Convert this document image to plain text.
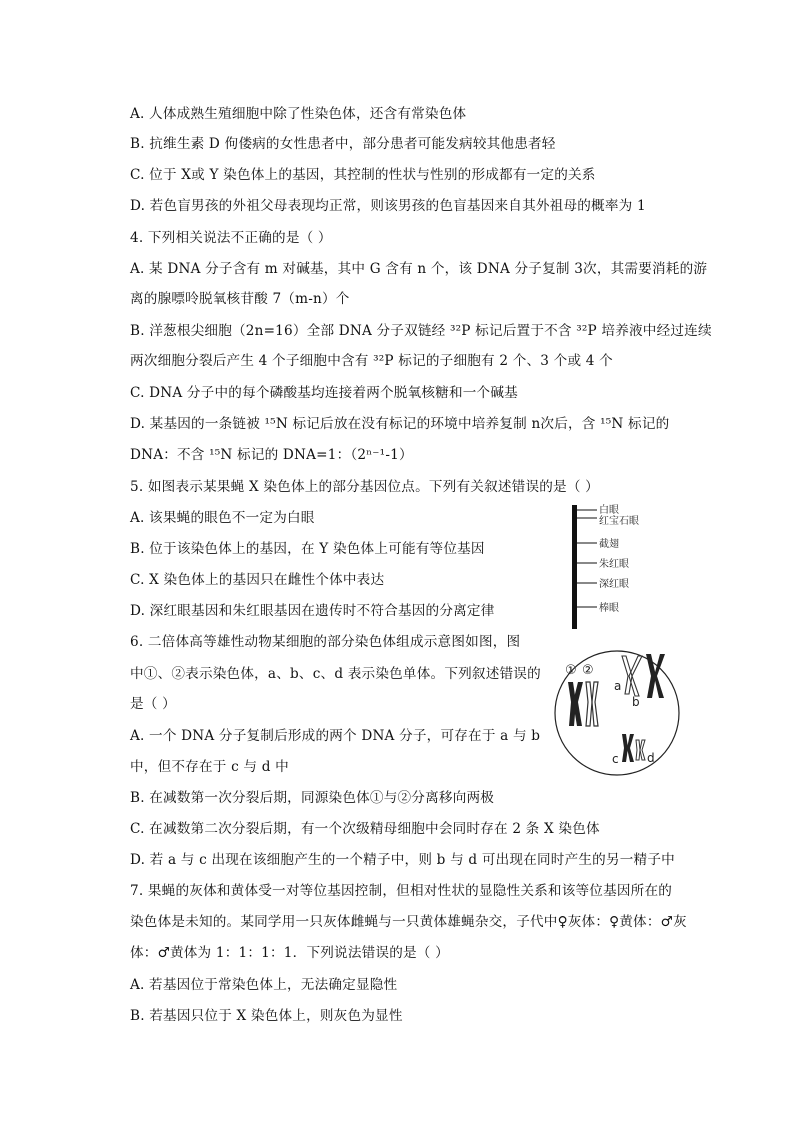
A. 人体成熟生殖细胞中除了性染色体，还含有常染色体
B. 抗维生素 D 佝偻病的女性患者中，部分患者可能发病较其他患者轻
C. 位于 X或 Y 染色体上的基因，其控制的性状与性别的形成都有一定的关系
D. 若色盲男孩的外祖父母表现均正常，则该男孩的色盲基因来自其外祖母的概率为 1
4. 下列相关说法不正确的是（ ）
A. 某 DNA 分子含有 m 对碱基，其中 G 含有 n 个，该 DNA 分子复制 3次，其需要消耗的游
离的腺嘌呤脱氧核苷酸 7（m-n）个
B. 洋葱根尖细胞（2n=16）全部 DNA 分子双链经 ³²P 标记后置于不含 ³²P 培养液中经过连续
两次细胞分裂后产生 4 个子细胞中含有 ³²P 标记的子细胞有 2 个、3 个或 4 个
C. DNA 分子中的每个磷酸基均连接着两个脱氧核糖和一个碱基
D. 某基因的一条链被 ¹⁵N 标记后放在没有标记的环境中培养复制 n次后，含 ¹⁵N 标记的
DNA：不含 ¹⁵N 标记的 DNA=1：（2ⁿ⁻¹-1）
5. 如图表示某果蝇 X 染色体上的部分基因位点。下列有关叙述错误的是（ ）
A. 该果蝇的眼色不一定为白眼
B. 位于该染色体上的基因，在 Y 染色体上可能有等位基因
C. X 染色体上的基因只在雌性个体中表达
D. 深红眼基因和朱红眼基因在遗传时不符合基因的分离定律
6. 二倍体高等雄性动物某细胞的部分染色体组成示意图如图，图
中①、②表示染色体，a、b、c、d 表示染色单体。下列叙述错误的
是（ ）
A. 一个 DNA 分子复制后形成的两个 DNA 分子，可存在于 a 与 b
中，但不存在于 c 与 d 中
B. 在减数第一次分裂后期，同源染色体①与②分离移向两极
C. 在减数第二次分裂后期，有一个次级精母细胞中会同时存在 2 条 X 染色体
D. 若 a 与 c 出现在该细胞产生的一个精子中，则 b 与 d 可出现在同时产生的另一精子中
7. 果蝇的灰体和黄体受一对等位基因控制，但相对性状的显隐性关系和该等位基因所在的
染色体是未知的。某同学用一只灰体雌蝇与一只黄体雄蝇杂交，子代中♀灰体：♀黄体：♂灰
体：♂黄体为 1：1：1：1．下列说法错误的是（ ）
A. 若基因位于常染色体上，无法确定显隐性
B. 若基因只位于 X 染色体上，则灰色为显性
白眼
红宝石眼
截翅
朱红眼
深红眼
棒眼
① ②
a
b
c d
